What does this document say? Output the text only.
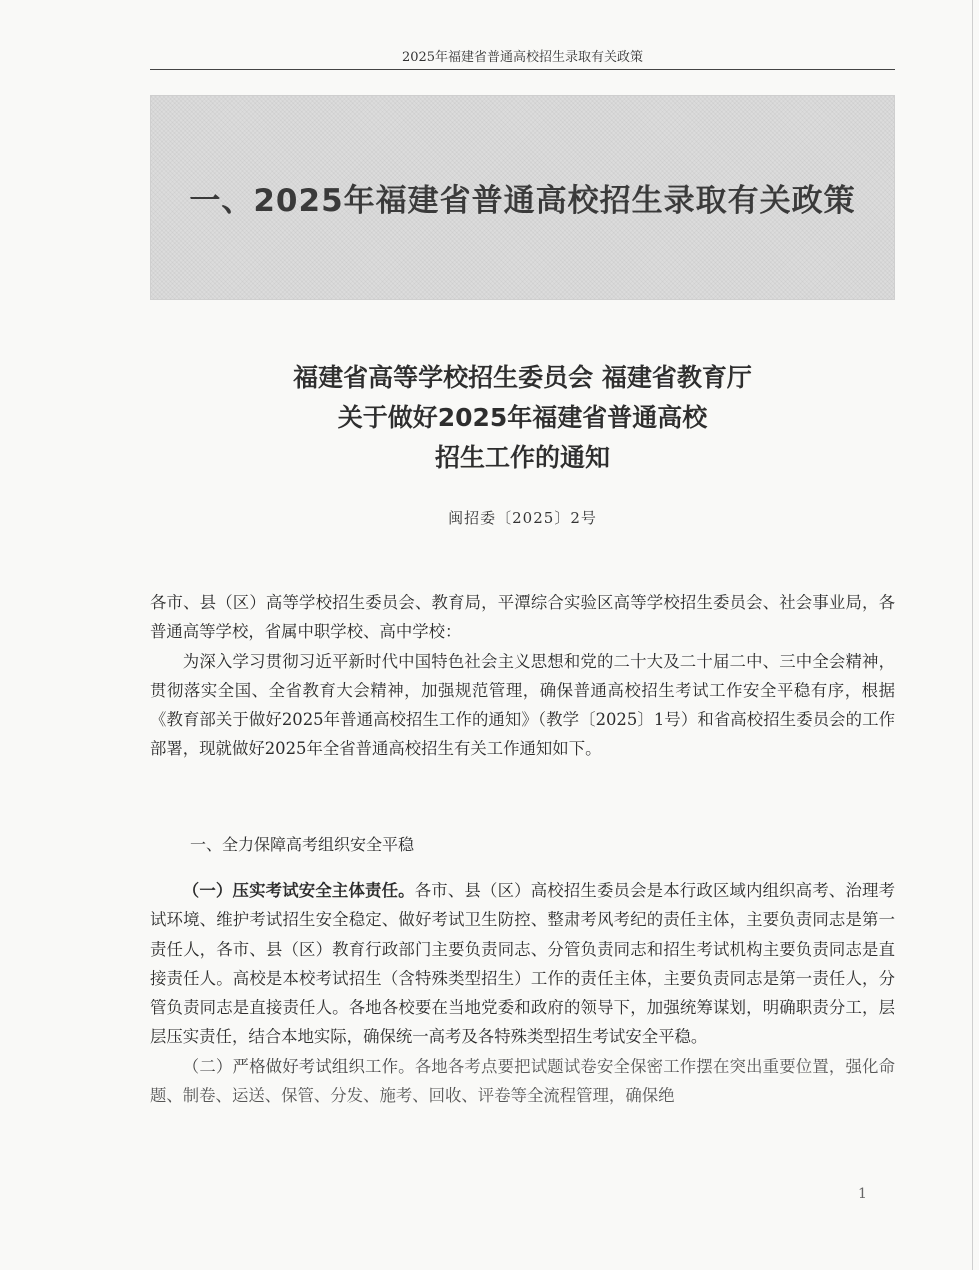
2025年福建省普通高校招生录取有关政策
一、2025年福建省普通高校招生录取有关政策
福建省高等学校招生委员会 福建省教育厅
关于做好2025年福建省普通高校
招生工作的通知
闽招委〔2025〕2号

各市、县（区）高等学校招生委员会、教育局，平潭综合实验区高等学校招生委员会、社会事业局，各普通高等学校，省属中职学校、高中学校：

为深入学习贯彻习近平新时代中国特色社会主义思想和党的二十大及二十届二中、三中全会精神，贯彻落实全国、全省教育大会精神，加强规范管理，确保普通高校招生考试工作安全平稳有序，根据《教育部关于做好2025年普通高校招生工作的通知》（教学〔2025〕1号）和省高校招生委员会的工作部署，现就做好2025年全省普通高校招生有关工作通知如下。

一、全力保障高考组织安全平稳

（一）压实考试安全主体责任。各市、县（区）高校招生委员会是本行政区域内组织高考、治理考试环境、维护考试招生安全稳定、做好考试卫生防控、整肃考风考纪的责任主体，主要负责同志是第一责任人，各市、县（区）教育行政部门主要负责同志、分管负责同志和招生考试机构主要负责同志是直接责任人。高校是本校考试招生（含特殊类型招生）工作的责任主体，主要负责同志是第一责任人，分管负责同志是直接责任人。各地各校要在当地党委和政府的领导下，加强统筹谋划，明确职责分工，层层压实责任，结合本地实际，确保统一高考及各特殊类型招生考试安全平稳。

（二）严格做好考试组织工作。各地各考点要把试题试卷安全保密工作摆在突出重要位置，强化命题、制卷、运送、保管、分发、施考、回收、评卷等全流程管理，确保绝

1
